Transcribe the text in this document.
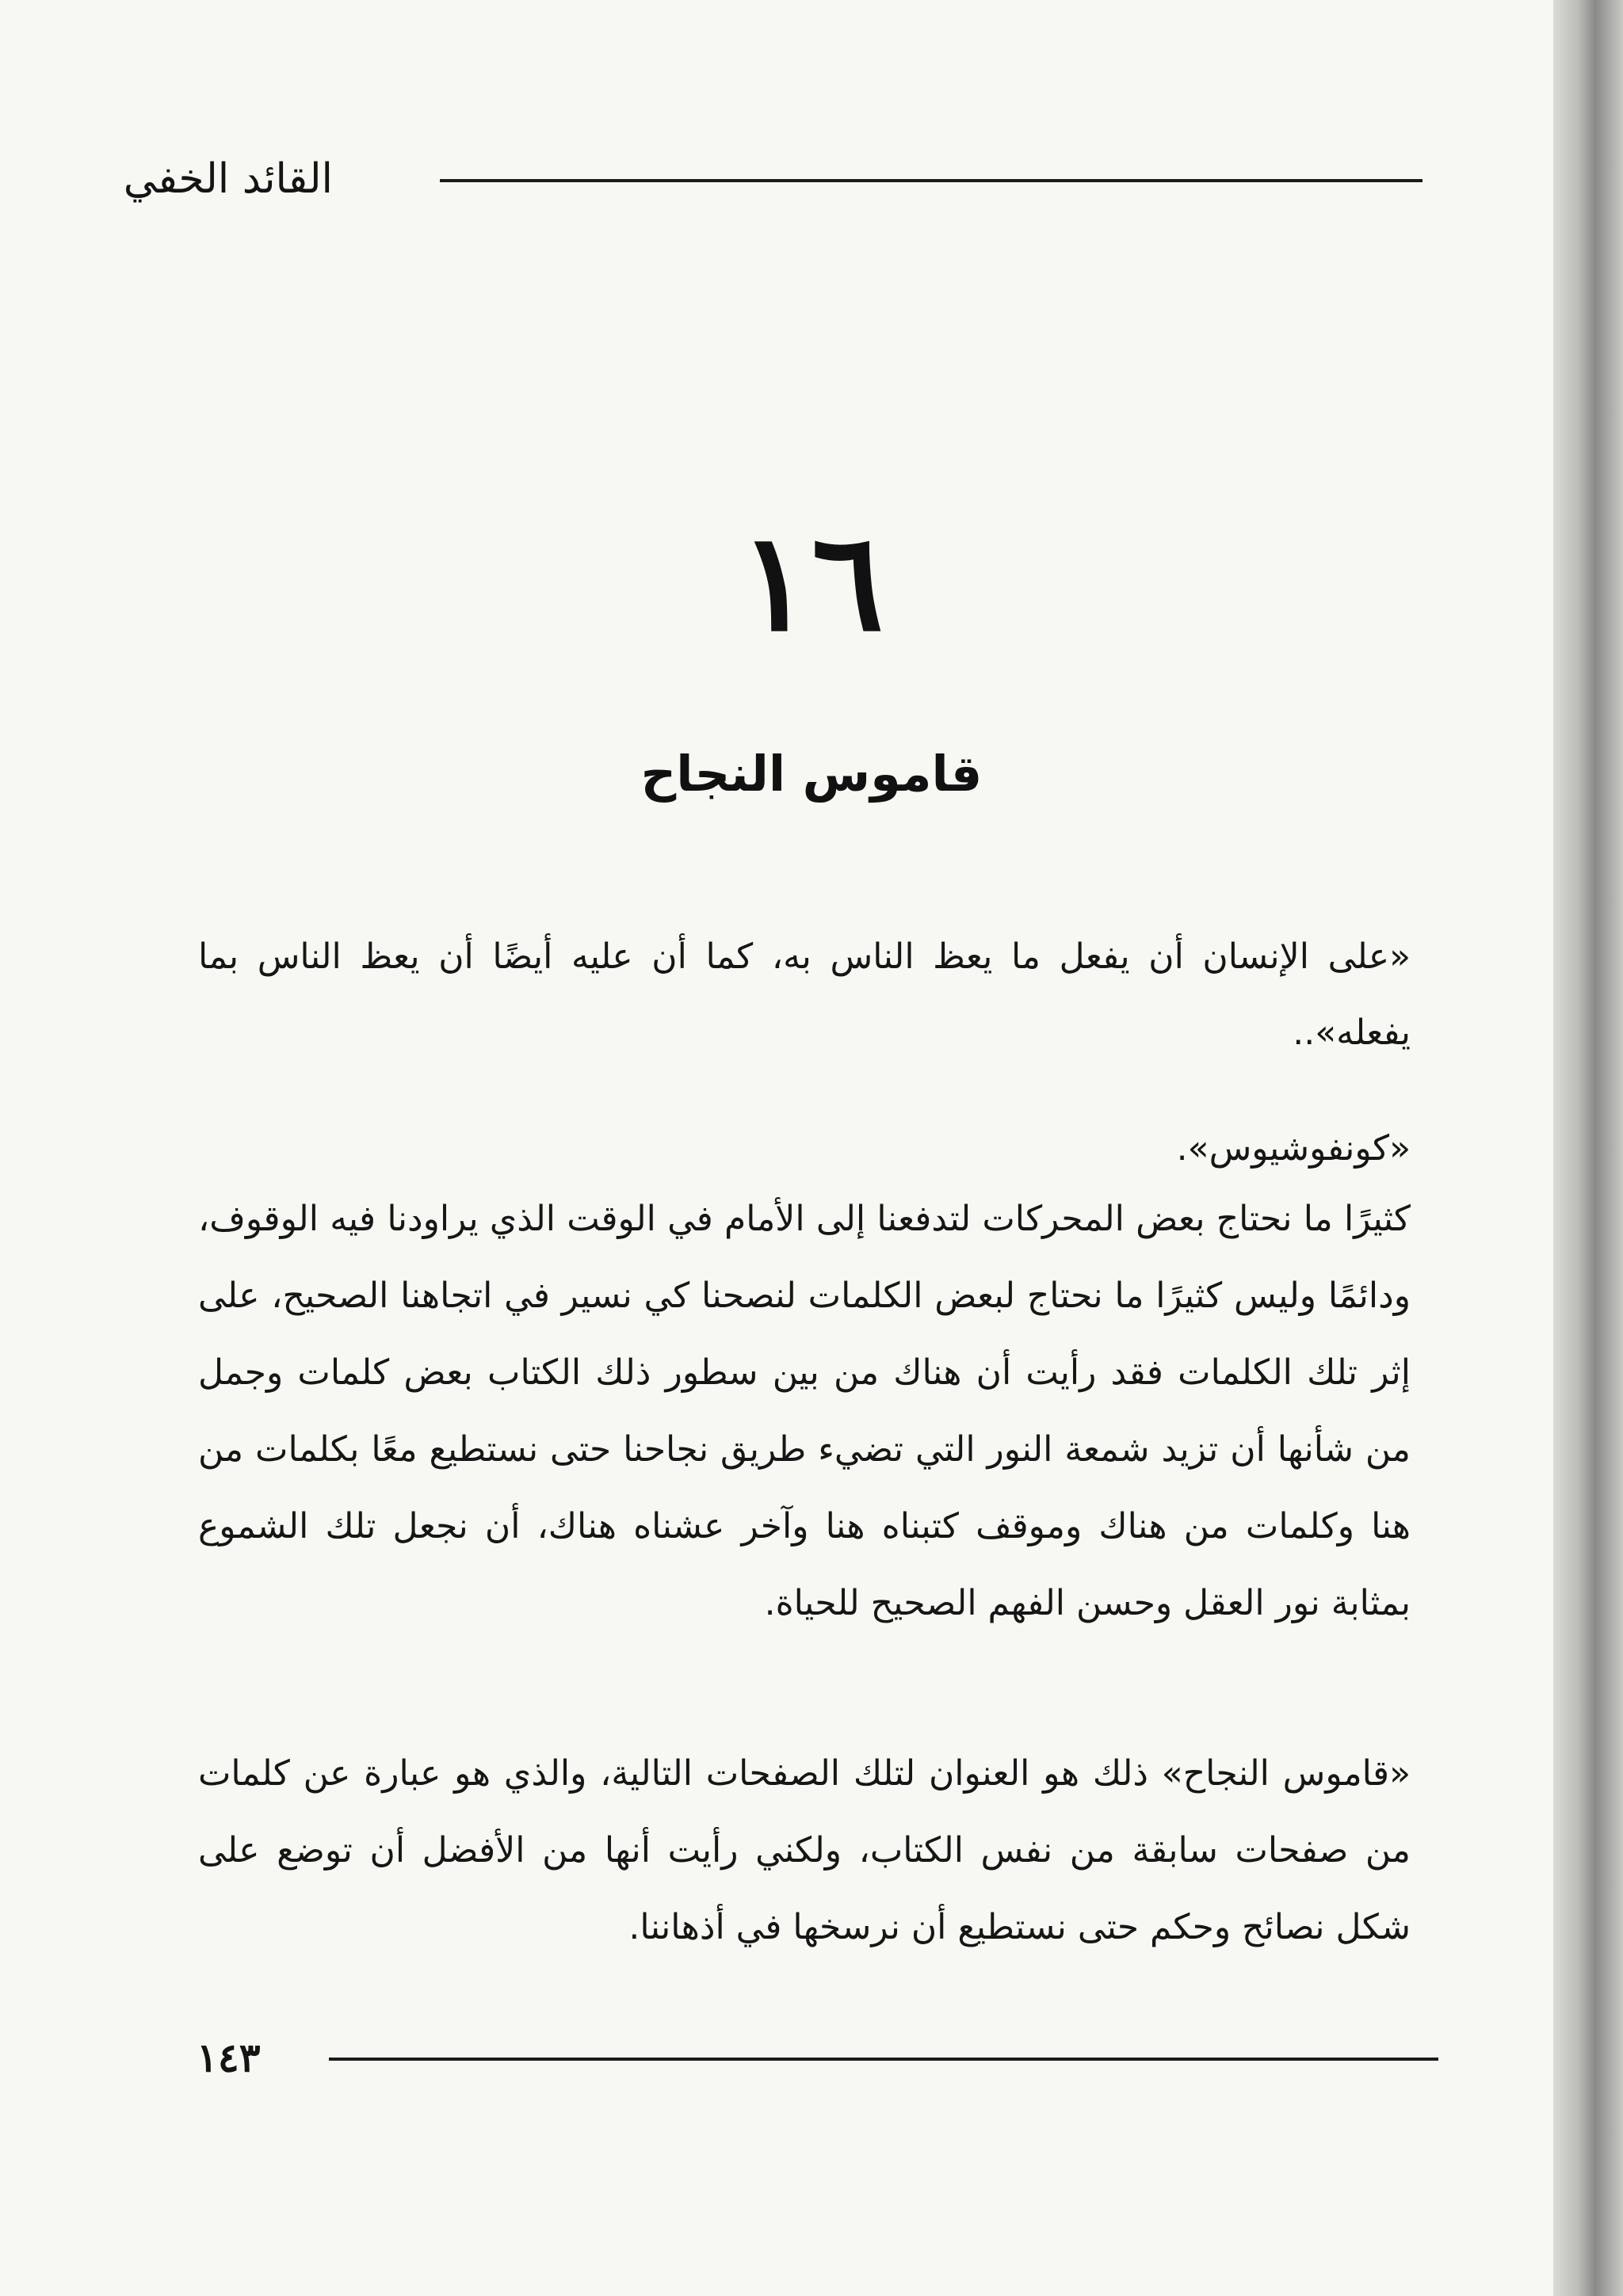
القائد الخفي
١٦
قاموس النجاح

«على الإنسان أن يفعل ما يعظ الناس به، كما أن عليه أيضًا أن يعظ الناس بما يفعله»..

«كونفوشيوس».

كثيرًا ما نحتاج بعض المحركات لتدفعنا إلى الأمام في الوقت الذي يراودنا فيه الوقوف، ودائمًا وليس كثيرًا ما نحتاج لبعض الكلمات لنصحنا كي نسير في اتجاهنا الصحيح، على إثر تلك الكلمات فقد رأيت أن هناك من بين سطور ذلك الكتاب بعض كلمات وجمل من شأنها أن تزيد شمعة النور التي تضيء طريق نجاحنا حتى نستطيع معًا بكلمات من هنا وكلمات من هناك وموقف كتبناه هنا وآخر عشناه هناك، أن نجعل تلك الشموع بمثابة نور العقل وحسن الفهم الصحيح للحياة.

«قاموس النجاح» ذلك هو العنوان لتلك الصفحات التالية، والذي هو عبارة عن كلمات من صفحات سابقة من نفس الكتاب، ولكني رأيت أنها من الأفضل أن توضع على شكل نصائح وحكم حتى نستطيع أن نرسخها في أذهاننا.

١٤٣
